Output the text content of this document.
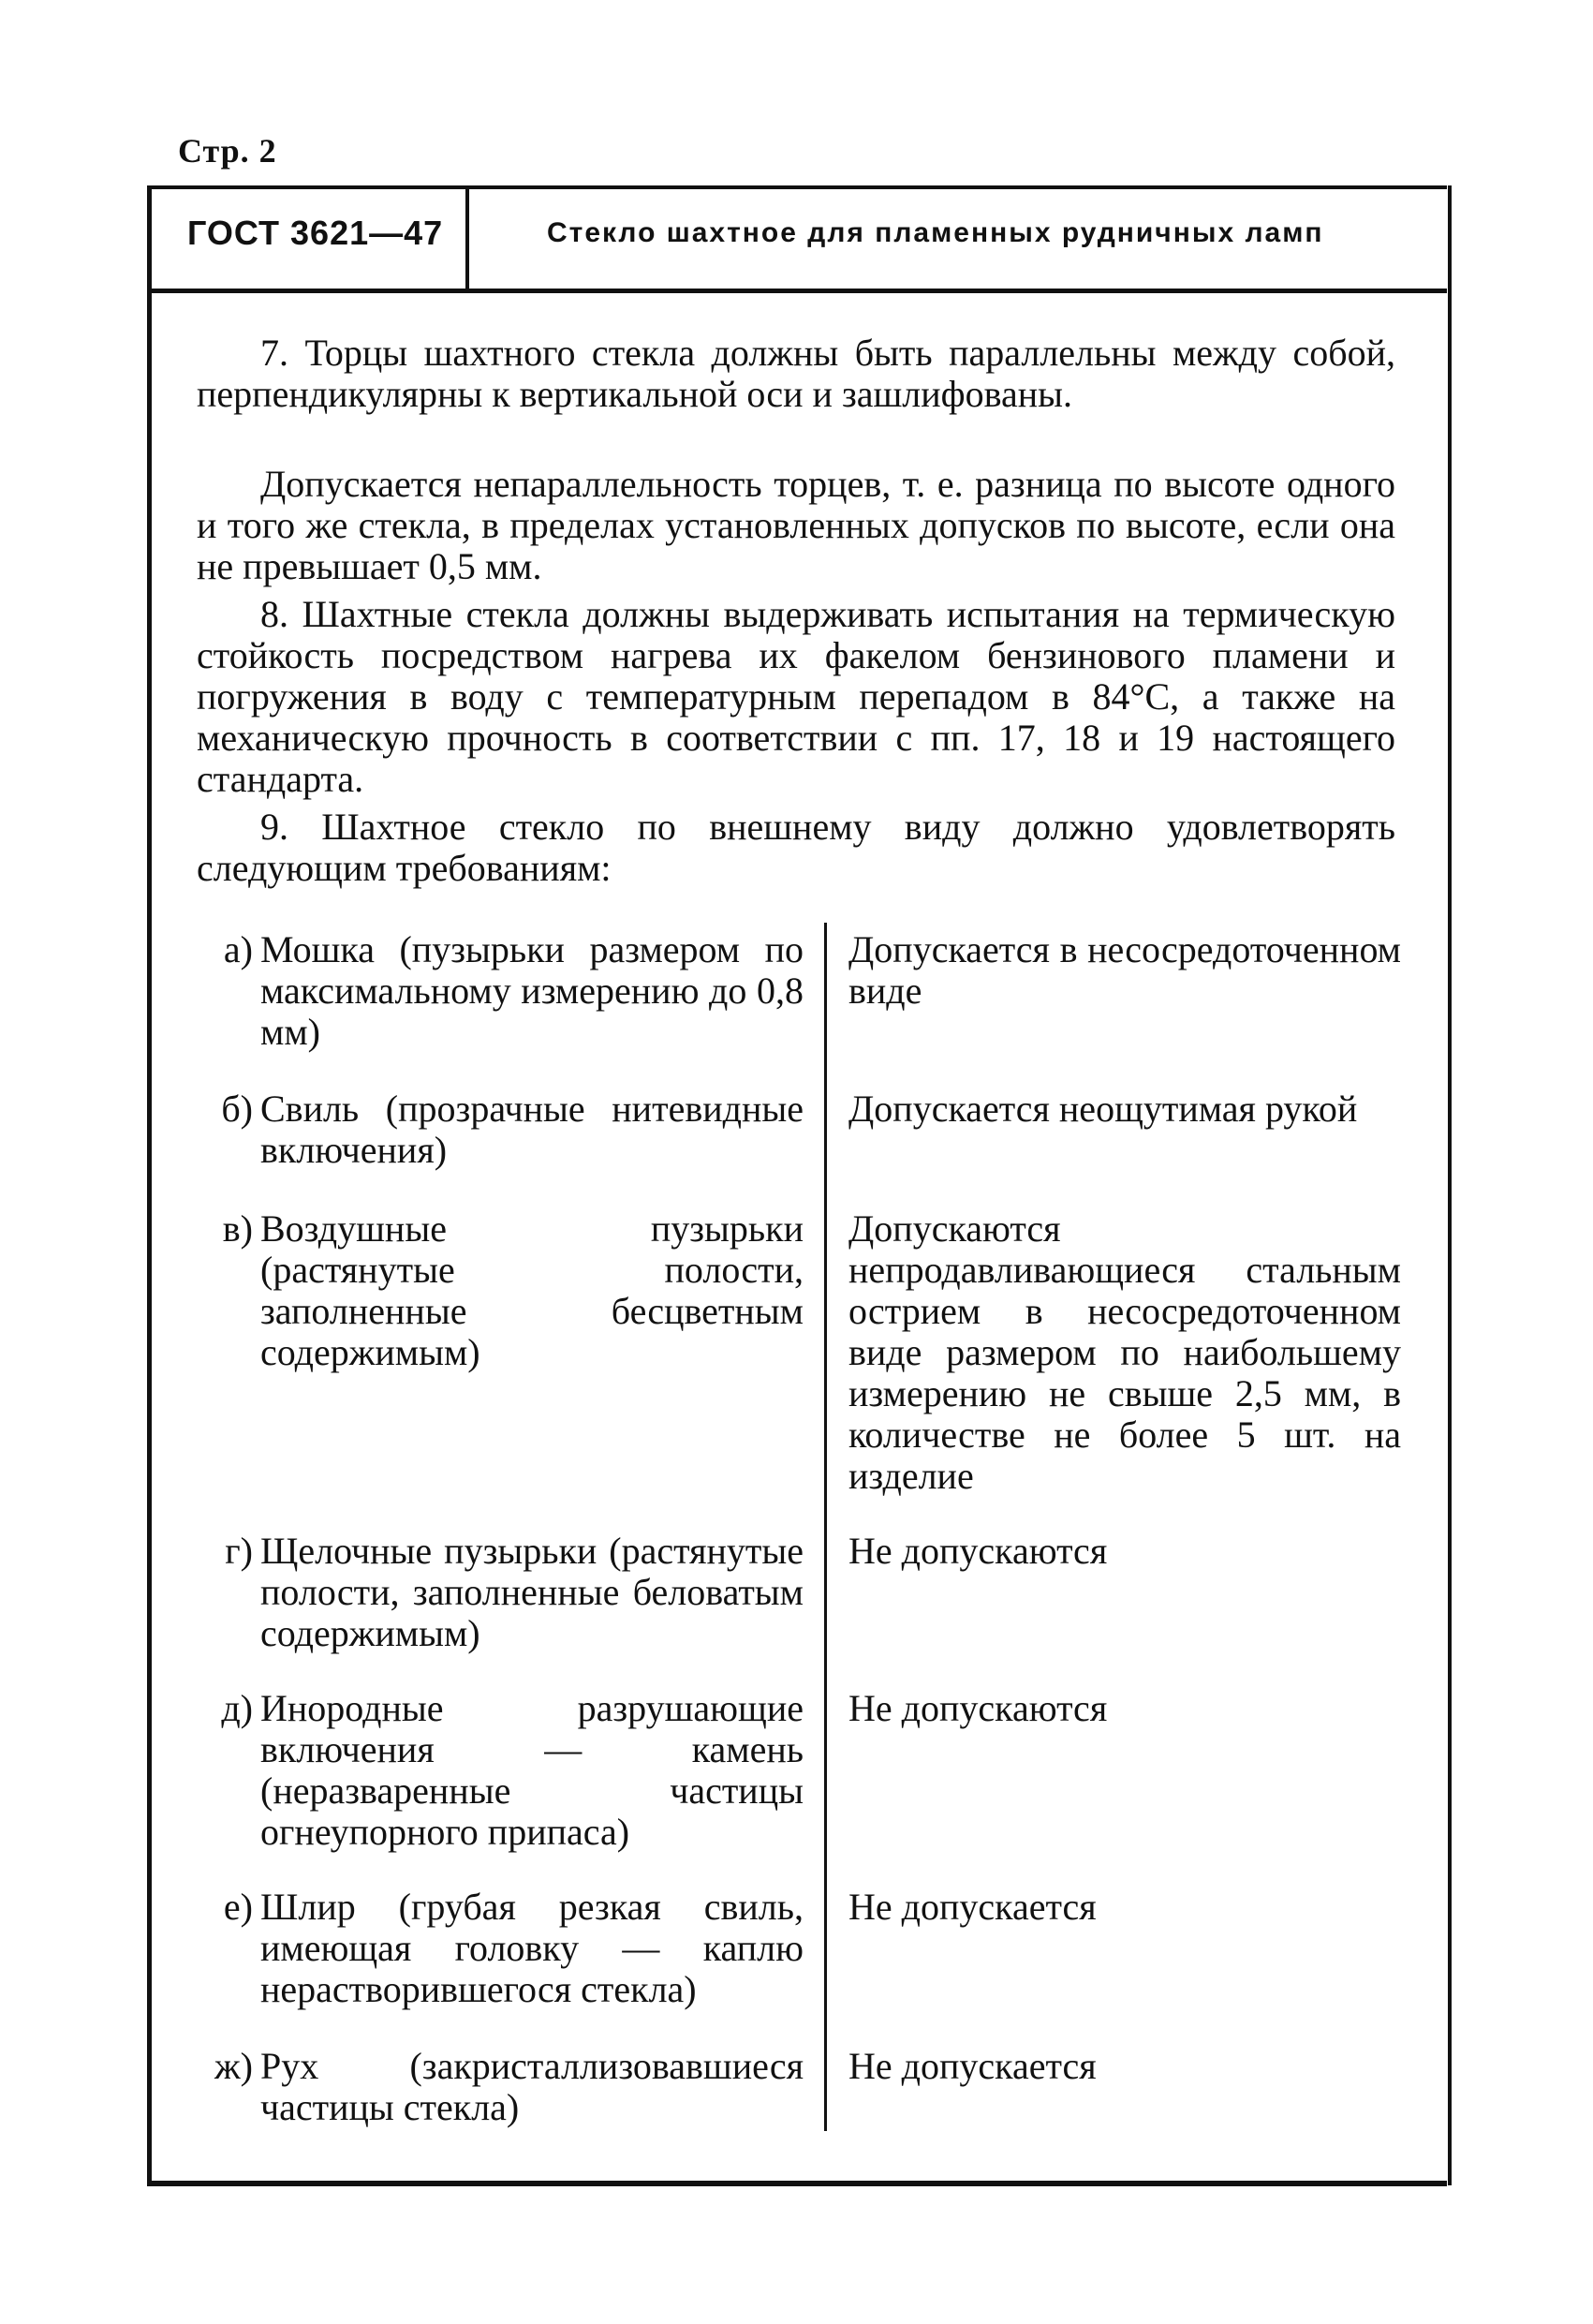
Стр. 2
ГОСТ 3621—47	Стекло шахтное для пламенных рудничных ламп
7. Торцы шахтного стекла должны быть параллельны между собой, перпендикулярны к вертикальной оси и зашлифованы.
Допускается непараллельность торцев, т. е. разница по высоте одного и того же стекла, в пределах установленных допусков по высоте, если она не превышает 0,5 мм.
8. Шахтные стекла должны выдерживать испытания на термическую стойкость посредством нагрева их факелом бензинового пламени и погружения в воду с температурным перепадом в 84°С, а также на механическую прочность в соответствии с пп. 17, 18 и 19 настоящего стандарта.
9. Шахтное стекло по внешнему виду должно удовлетворять следующим требованиям:
а) Мошка (пузырьки размером по максимальному измерению до 0,8 мм)
Допускается в несосредоточенном виде
б) Свиль (прозрачные нитевидные включения)
Допускается неощутимая рукой
в) Воздушные пузырьки (растянутые полости, заполненные бесцветным содержимым)
Допускаются непродавливающиеся стальным острием в несосредоточенном виде размером по наибольшему измерению не свыше 2,5 мм, в количестве не более 5 шт. на изделие
г) Щелочные пузырьки (растянутые полости, заполненные беловатым содержимым)
Не допускаются
д) Инородные разрушающие включения — камень (неразваренные частицы огнеупорного припаса)
Не допускаются
е) Шлир (грубая резкая свиль, имеющая головку — каплю нерастворившегося стекла)
Не допускается
ж) Рух (закристаллизовавшиеся частицы стекла)
Не допускается
